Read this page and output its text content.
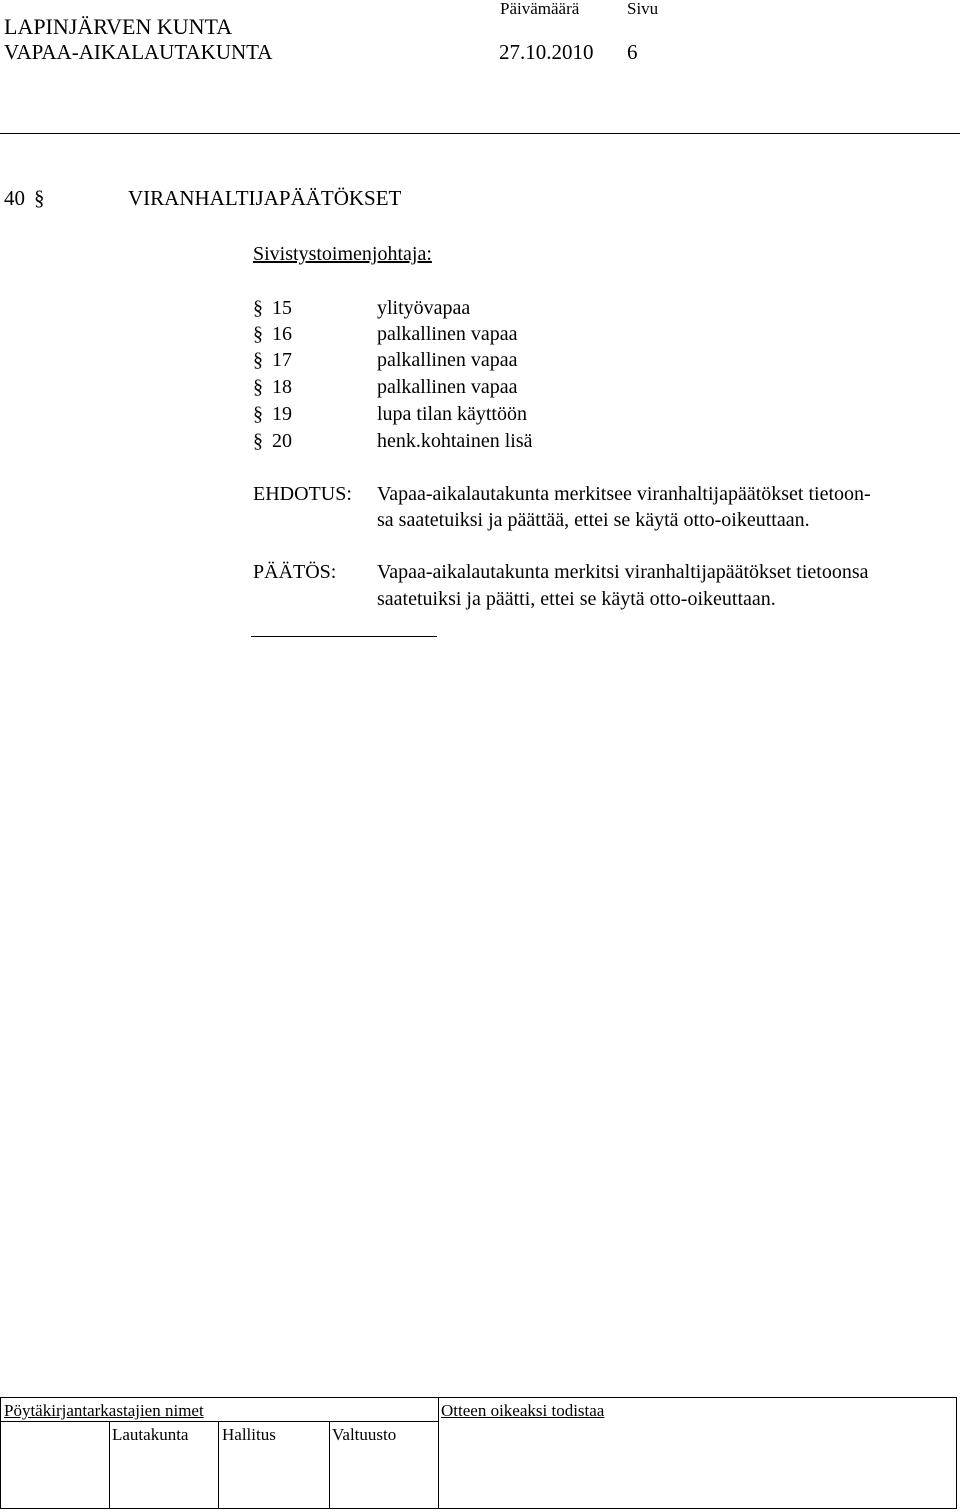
LAPINJÄRVEN KUNTA
VAPAA-AIKALAUTAKUNTA
Päivämäärä	Sivu
27.10.2010 6
40 §	VIRANHALTIJAPÄÄTÖKSET
Sivistystoimenjohtaja:
§ 15	ylityövapaa
§ 16	palkallinen vapaa
§ 17	palkallinen vapaa
§ 18	palkallinen vapaa
§ 19	lupa tilan käyttöön
§ 20	henk.kohtainen lisä
EHDOTUS: Vapaa-aikalautakunta merkitsee viranhaltijapäätökset tietoon-
sa saatetuiksi ja päättää, ettei se käytä otto-oikeuttaan.
PÄÄTÖS: Vapaa-aikalautakunta merkitsi viranhaltijapäätökset tietoonsa
saatetuiksi ja päätti, ettei se käytä otto-oikeuttaan.
Pöytäkirjantarkastajien nimet	Otteen oikeaksi todistaa
Lautakunta Hallitus	Valtuusto
